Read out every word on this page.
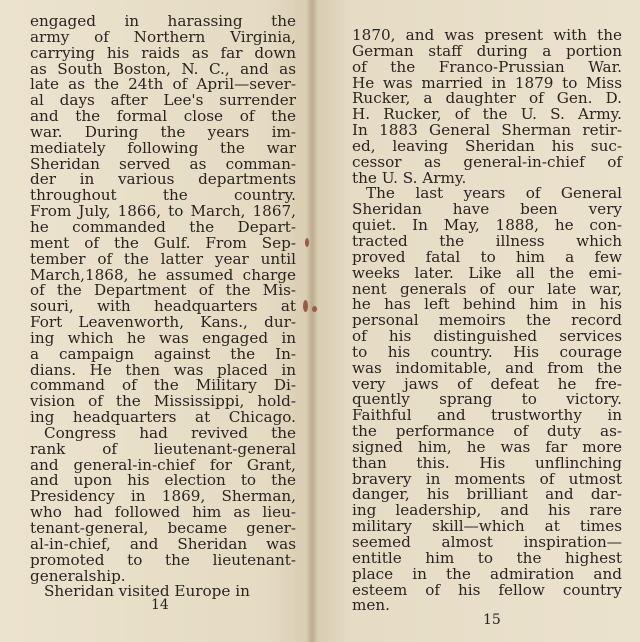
engaged in harassing the
army of Northern Virginia,
carrying his raids as far down
as South Boston, N. C., and as
late as the 24th of April—sever-
al days after Lee's surrender
and the formal close of the
war. During the years im-
mediately following the war
Sheridan served as comman-
der in various departments
throughout the country.
From July, 1866, to March, 1867,
he commanded the Depart-
ment of the Gulf. From Sep-
tember of the latter year until
March,1868, he assumed charge
of the Department of the Mis-
souri, with headquarters at
Fort Leavenworth, Kans., dur-
ing which he was engaged in
a campaign against the In-
dians. He then was placed in
command of the Military Di-
vision of the Mississippi, hold-
ing headquarters at Chicago.
Congress had revived the
rank of lieutenant-general
and general-in-chief for Grant,
and upon his election to the
Presidency in 1869, Sherman,
who had followed him as lieu-
tenant-general, became gener-
al-in-chief, and Sheridan was
promoted to the lieutenant-
generalship.
Sheridan visited Europe in
14
1870, and was present with the
German staff during a portion
of the Franco-Prussian War.
He was married in 1879 to Miss
Rucker, a daughter of Gen. D.
H. Rucker, of the U. S. Army.
In 1883 General Sherman retir-
ed, leaving Sheridan his suc-
cessor as general-in-chief of
the U. S. Army.
The last years of General
Sheridan have been very
quiet. In May, 1888, he con-
tracted the illness which
proved fatal to him a few
weeks later. Like all the emi-
nent generals of our late war,
he has left behind him in his
personal memoirs the record
of his distinguished services
to his country. His courage
was indomitable, and from the
very jaws of defeat he fre-
quently sprang to victory.
Faithful and trustworthy in
the performance of duty as-
signed him, he was far more
than this. His unflinching
bravery in moments of utmost
danger, his brilliant and dar-
ing leadership, and his rare
military skill—which at times
seemed almost inspiration—
entitle him to the highest
place in the admiration and
esteem of his fellow country
men.
15
